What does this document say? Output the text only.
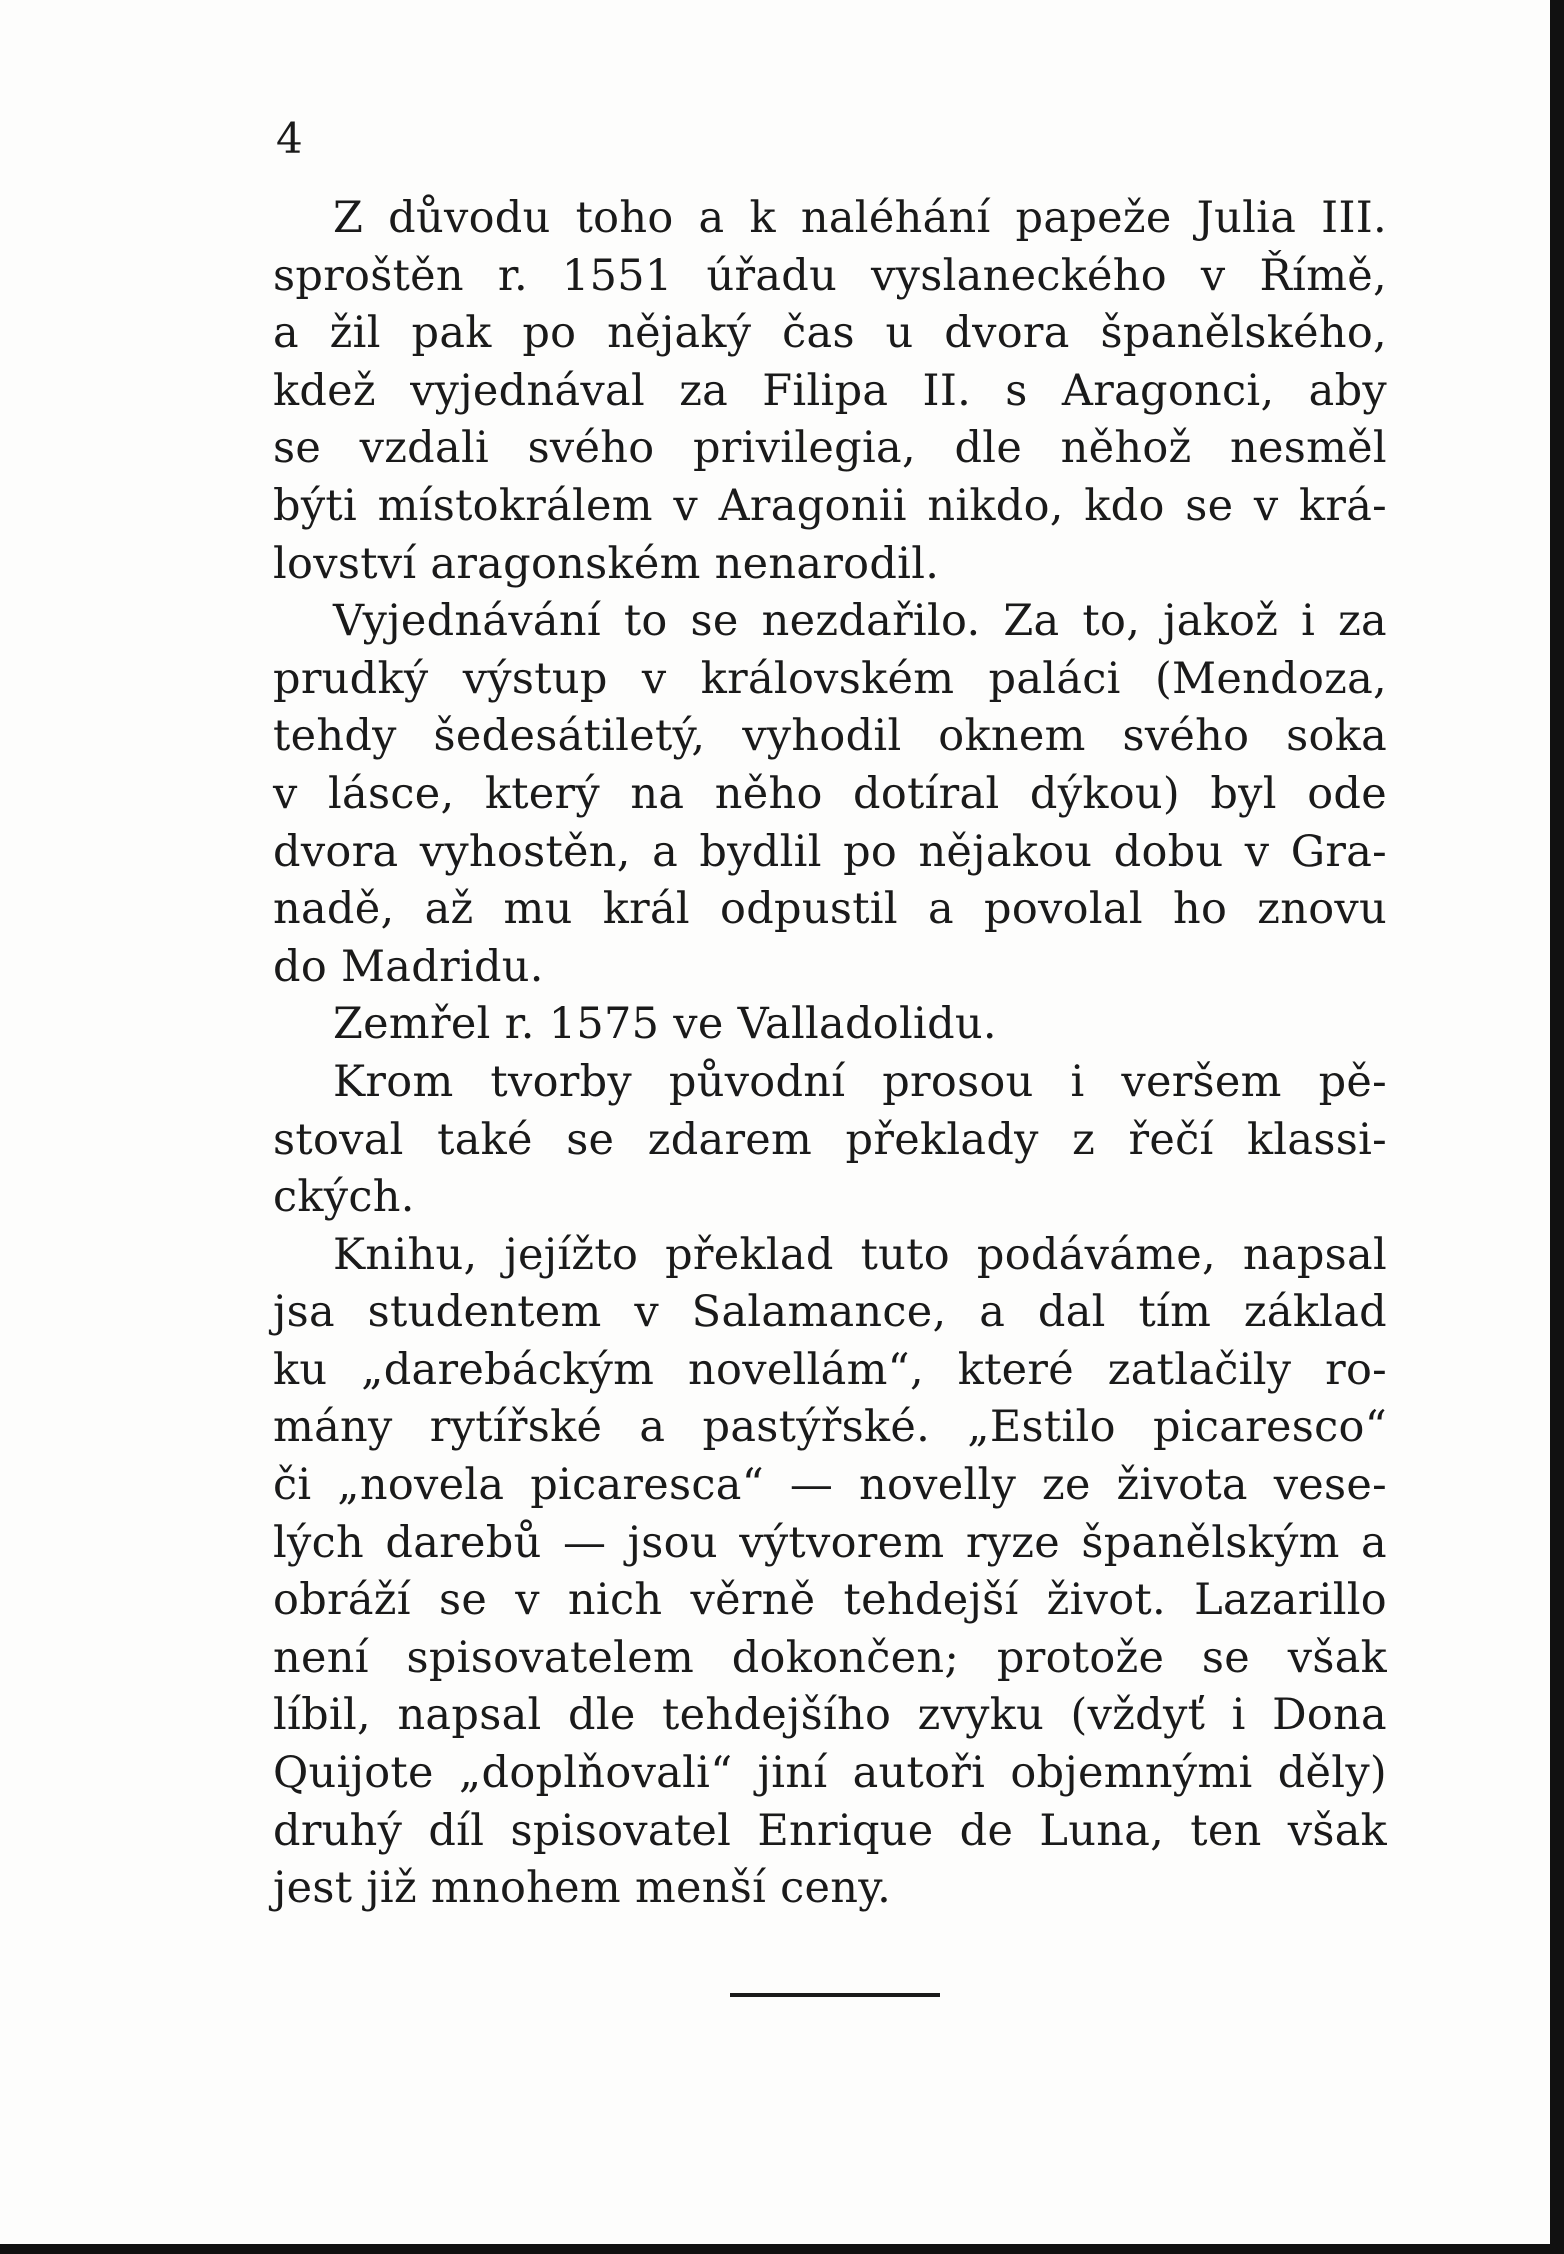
4
Z důvodu toho a k naléhání papeže Julia III.
sproštěn r. 1551 úřadu vyslaneckého v Římě,
a žil pak po nějaký čas u dvora španělského,
kdež vyjednával za Filipa II. s Aragonci, aby
se vzdali svého privilegia, dle něhož nesměl
býti místokrálem v Aragonii nikdo, kdo se v krá-
lovství aragonském nenarodil.
Vyjednávání to se nezdařilo. Za to, jakož i za
prudký výstup v královském paláci (Mendoza,
tehdy šedesátiletý, vyhodil oknem svého soka
v lásce, který na něho dotíral dýkou) byl ode
dvora vyhostěn, a bydlil po nějakou dobu v Gra-
nadě, až mu král odpustil a povolal ho znovu
do Madridu.
Zemřel r. 1575 ve Valladolidu.
Krom tvorby původní prosou i veršem pě-
stoval také se zdarem překlady z řečí klassi-
ckých.
Knihu, jejížto překlad tuto podáváme, napsal
jsa studentem v Salamance, a dal tím základ
ku „darebáckým novellám“, které zatlačily ro-
mány rytířské a pastýřské. „Estilo picaresco“
či „novela picaresca“ — novelly ze života vese-
lých darebů — jsou výtvorem ryze španělským a
obráží se v nich věrně tehdejší život. Lazarillo
není spisovatelem dokončen; protože se však
líbil, napsal dle tehdejšího zvyku (vždyť i Dona
Quijote „doplňovali“ jiní autoři objemnými děly)
druhý díl spisovatel Enrique de Luna, ten však
jest již mnohem menší ceny.
